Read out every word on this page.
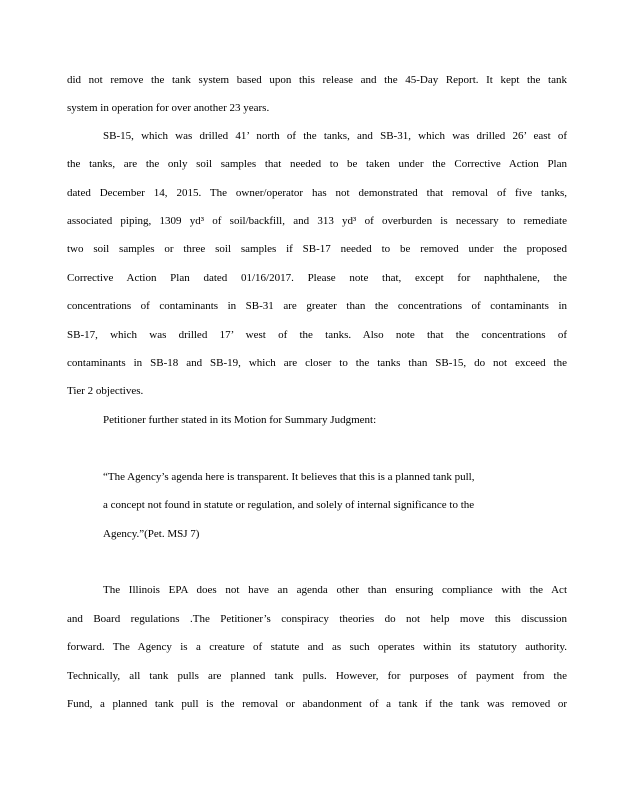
did not remove the tank system based upon this release and the 45-Day Report. It kept the tank
system in operation for over another 23 years.
SB-15, which was drilled 41’ north of the tanks, and SB-31, which was drilled 26’ east of
the tanks, are the only soil samples that needed to be taken under the Corrective Action Plan
dated December 14, 2015. The owner/operator has not demonstrated that removal of five tanks,
associated piping, 1309 yd³ of soil/backfill, and 313 yd³ of overburden is necessary to remediate
two soil samples or three soil samples if SB-17 needed to be removed under the proposed
Corrective Action Plan dated 01/16/2017. Please note that, except for naphthalene, the
concentrations of contaminants in SB-31 are greater than the concentrations of contaminants in
SB-17, which was drilled 17’ west of the tanks. Also note that the concentrations of
contaminants in SB-18 and SB-19, which are closer to the tanks than SB-15, do not exceed the
Tier 2 objectives.
Petitioner further stated in its Motion for Summary Judgment:
“The Agency’s agenda here is transparent. It believes that this is a planned tank pull,
a concept not found in statute or regulation, and solely of internal significance to the
Agency.”(Pet. MSJ 7)
The Illinois EPA does not have an agenda other than ensuring compliance with the Act
and Board regulations .The Petitioner’s conspiracy theories do not help move this discussion
forward. The Agency is a creature of statute and as such operates within its statutory authority.
Technically, all tank pulls are planned tank pulls. However, for purposes of payment from the
Fund, a planned tank pull is the removal or abandonment of a tank if the tank was removed or
